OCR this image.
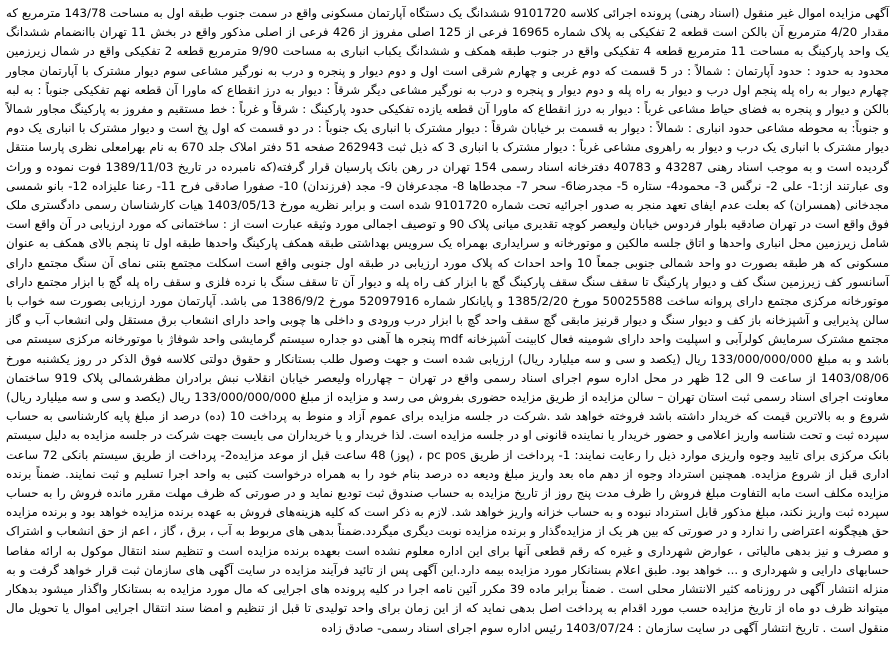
آگهی مزایده اموال غیر منقول (اسناد رهنی) پرونده اجرائی کلاسه 9101720 ششدانگ یک دستگاه آپارتمان مسکونی واقع در سمت جنوب طبقه اول به مساحت 143/78 مترمربع که مقدار 4/20 مترمربع آن بالکن است قطعه 2 تفکیکی به پلاک شماره 16965 فرعی از 125 اصلی مفروز از 426 فرعی از اصلی مذکور واقع در بخش 11 تهران باانضمام ششدانگ یک واحد پارکینگ به مساحت 11 مترمربع قطعه 4 تفکیکی واقع در جنوب طبقه همکف و ششدانگ یکباب انباری به مساحت 9/90 مترمربع قطعه 2 تفکیکی واقع در شمال زیرزمین محدود به حدود : حدود آپارتمان : شمالاً : در 5 قسمت که دوم غربی و چهارم شرقی است اول و دوم دیوار و پنجره و درب به نورگیر مشاعی سوم دیوار مشترک با آپارتمان مجاور چهارم دیوار به راه پله پنجم اول درب و دیوار به راه پله و دوم دیوار و پنجره و درب به نورگیر مشاعی دیگر شرقاً : دیوار به درز انقطاع که ماورا آن قطعه نهم تفکیکی جنوباً : به لبه بالکن و دیوار و پنجره به فضای حیاط مشاعی غرباً : دیوار به درز انقطاع که ماورا آن قطعه یازده تفکیکی حدود پارکینگ : شرقاً و غرباً : خط مستقیم و مفروز به پارکینگ مجاور شمالاً و جنوباً: به محوطه مشاعی حدود انباری : شمالاً : دیوار به قسمت بر خیابان شرقاً : دیوار مشترک با انباری یک جنوباً : در دو قسمت که اول پخ است و دیوار مشترک با انباری یک دوم دیوار مشترک با انباری یک درب و دیوار به راهروی مشاعی غرباً : دیوار مشترک با انباری 3 که ذیل ثبت 262943 صفحه 51 دفتر املاک جلد 670 به نام بهرامعلی نظری پارسا منتقل گردیده است و به موجب اسناد رهنی 43287 و 40783 دفترخانه اسناد رسمی 154 تهران در رهن بانک پارسیان قرار گرفته(که نامبرده در تاریخ 1389/11/03 فوت نموده و وراث وی عبارتند از:1- علی 2- نرگس 3- محمود4- ستاره 5- مجدرضا6- سحر 7- مجدطاها 8- مجدعرفان 9- مجد (فرزندان) 10- صفورا صادقی فرح 11- رعنا علیزاده 12- بانو شمسی مجدخانی (همسران) که بعلت عدم ایفای تعهد منجر به صدور اجرائیه تحت شماره 9101720 شده است و برابر نظریه مورخ 1403/05/13 هیات کارشناسان رسمی دادگستری ملک فوق واقع است در تهران صادقیه بلوار فردوس خیابان ولیعصر کوچه تقدیری میانی پلاک 90 و توصیف اجمالی مورد وثیقه عبارت است از : ساختمانی که مورد ارزیابی در آن واقع است شامل زیرزمین محل انباری واحدها و اتاق جلسه مالکین و موتورخانه و سرایداری بهمراه یک سرویس بهداشتی طبقه همکف پارکینگ واحدها طبقه اول تا پنجم بالای همکف به عنوان مسکونی که هر طبقه بصورت دو واحد شمالی جنوبی جمعاً 10 واحد احداث که پلاک مورد ارزیابی در طبقه اول جنوبی واقع است اسکلت مجتمع بتنی نمای آن سنگ مجتمع دارای آسانسور کف زیرزمین سنگ کف و دیوار پارکینگ تا سقف سنگ سقف پارکینگ گچ با ابزار کف راه پله و دیوار آن تا سقف سنگ با نرده فلزی و سقف راه پله گچ با ابزار مجتمع دارای موتورخانه مرکزی مجتمع دارای پروانه ساخت 50025588 مورخ 1385/2/20 و پایانکار شماره 52097916 مورخ 1386/9/2 می باشد. آپارتمان مورد ارزیابی بصورت سه خواب با سالن پذیرایی و آشپزخانه باز کف و دیوار سنگ و دیوار قرنیز مابقی گچ سقف واحد گچ با ابزار درب ورودی و داخلی ها چوبی واحد دارای انشعاب برق مستقل ولی انشعاب آب و گاز مجتمع مشترک سرمایش کولرآبی و اسپلیت واحد دارای شومینه فعال کابینت آشپزخانه mdf پنجره ها آهنی دو جداره سیستم گرمایشی واحد شوفاژ با موتورخانه مرکزی سیستم می باشد و به مبلغ 133/000/000/000 ریال (یکصد و سی و سه میلیارد ریال) ارزیابی شده است و جهت وصول طلب بستانکار و حقوق دولتی کلاسه فوق الذکر در روز یکشنبه مورخ 1403/08/06 از ساعت 9 الی 12 ظهر در محل اداره سوم اجرای اسناد رسمی واقع در تهران – چهارراه ولیعصر خیابان انقلاب نبش برادران مظفرشمالی پلاک 919 ساختمان معاونت اجرای اسناد رسمی ثبت استان تهران – سالن مزایده از طریق مزایده حضوری بفروش می رسد و مزایده از مبلغ 133/000/000/000 ریال (یکصد و سی و سه میلیارد ریال) شروع و به بالاترین قیمت که خریدار داشته باشد فروخته خواهد شد .شرکت در جلسه مزایده برای عموم آزاد و منوط به پرداخت 10 (ده) درصد از مبلغ پایه کارشناسی به حساب سپرده ثبت و تحت شناسه واریز اعلامی و حضور خریدار یا نماینده قانونی او در جلسه مزایده است. لذا خریدار و یا خریداران می بایست جهت شرکت در جلسه مزایده به دلیل سیستم بانک مرکزی برای تایید وجوه واریزی موارد ذیل را رعایت نمایند: 1- پرداخت از طریق pc pos ، (پوز) 48 ساعت قبل از موعد مزایده2- پرداخت از طریق سیستم بانکی 72 ساعت اداری قبل از شروع مزایده. همچنین استرداد وجوه از دهم ماه بعد واریز مبلغ ودیعه ده درصد بنام خود را به همراه درخواست کتبی به واحد اجرا تسلیم و ثبت نمایند. ضمناً برنده مزایده مکلف است مابه التفاوت مبلغ فروش را ظرف مدت پنج روز از تاریخ مزایده به حساب صندوق ثبت تودیع نماید و در صورتی که ظرف مهلت مقرر مانده فروش را به حساب سپرده ثبت واریز نکند، مبلغ مذکور قابل استرداد نبوده و به حساب خزانه واریز خواهد شد. لازم به ذکر است که کلیه هزینه‌های فروش به عهده برنده مزایده خواهد بود و برنده مزایده حق هیچگونه اعتراضی را ندارد و در صورتی که بین هر یک از مزایده‌گذار و برنده مزایده نوبت دیگری میگردد.ضمناً بدهی های مربوط به آب ، برق ، گاز ، اعم از حق انشعاب و اشتراک و مصرف و نیز بدهی مالیاتی ، عوارض شهرداری و غیره که رقم قطعی آنها برای این اداره معلوم نشده است بعهده برنده مزایده است و تنظیم سند انتقال موکول به ارائه مفاصا حسابهای دارایی و شهرداری و ... خواهد بود. طبق اعلام بستانکار مورد مزایده بیمه دارد.این آگهی پس از تائید فرآیند مزایده در سایت آگهی های سازمان ثبت قرار خواهد گرفت و به منزله انتشار آگهی در روزنامه کثیر الانتشار محلی است . ضمناً برابر ماده 39 مکرر آئین نامه اجرا در کلیه پرونده های اجرایی که مال مورد مزایده به بستانکار واگذار میشود بدهکار میتواند ظرف دو ماه از تاریخ مزایده حسب مورد اقدام به پرداخت اصل بدهی نماید که از این زمان برای واحد تولیدی تا قبل از تنظیم و امضا سند انتقال اجرایی اموال یا تحویل مال منقول است . تاریخ انتشار آگهی در سایت سازمان : 1403/07/24 رئیس اداره سوم اجرای اسناد رسمی- صادق زاده
